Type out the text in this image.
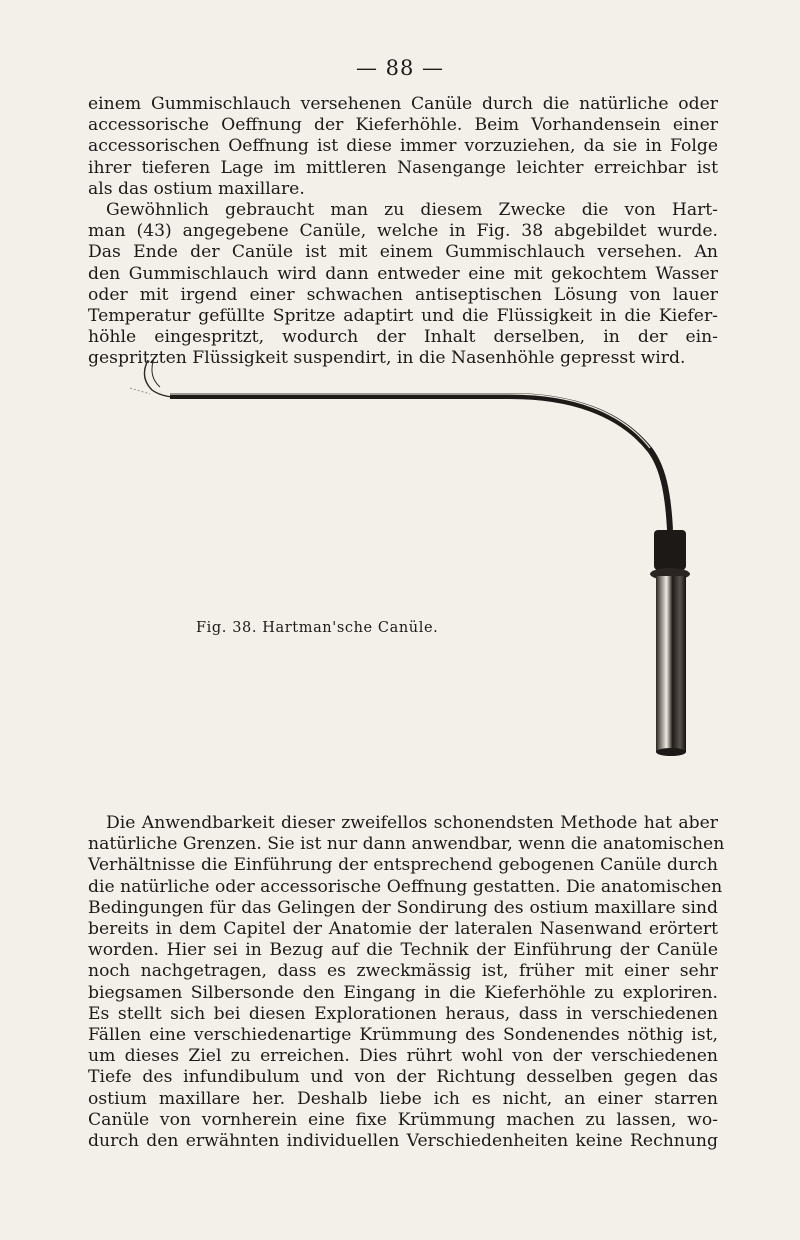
— 88 —

einem Gummischlauch versehenen Canüle durch die natürliche oder
accessorische Oeffnung der Kieferhöhle. Beim Vorhandensein einer
accessorischen Oeffnung ist diese immer vorzuziehen, da sie in Folge
ihrer tieferen Lage im mittleren Nasengange leichter erreichbar ist
als das ostium maxillare.

Gewöhnlich gebraucht man zu diesem Zwecke die von Hart-
man (43) angegebene Canüle, welche in Fig. 38 abgebildet wurde.
Das Ende der Canüle ist mit einem Gummischlauch versehen. An
den Gummischlauch wird dann entweder eine mit gekochtem Wasser
oder mit irgend einer schwachen antiseptischen Lösung von lauer
Temperatur gefüllte Spritze adaptirt und die Flüssigkeit in die Kiefer-
höhle eingespritzt, wodurch der Inhalt derselben, in der ein-
gespritzten Flüssigkeit suspendirt, in die Nasenhöhle gepresst wird.

Fig. 38. Hartman'sche Canüle.

Die Anwendbarkeit dieser zweifellos schonendsten Methode hat aber
natürliche Grenzen. Sie ist nur dann anwendbar, wenn die anatomischen
Verhältnisse die Einführung der entsprechend gebogenen Canüle durch
die natürliche oder accessorische Oeffnung gestatten. Die anatomischen
Bedingungen für das Gelingen der Sondirung des ostium maxillare sind
bereits in dem Capitel der Anatomie der lateralen Nasenwand erörtert
worden. Hier sei in Bezug auf die Technik der Einführung der Canüle
noch nachgetragen, dass es zweckmässig ist, früher mit einer sehr
biegsamen Silbersonde den Eingang in die Kieferhöhle zu exploriren.
Es stellt sich bei diesen Explorationen heraus, dass in verschiedenen
Fällen eine verschiedenartige Krümmung des Sondenendes nöthig ist,
um dieses Ziel zu erreichen. Dies rührt wohl von der verschiedenen
Tiefe des infundibulum und von der Richtung desselben gegen das
ostium maxillare her. Deshalb liebe ich es nicht, an einer starren
Canüle von vornherein eine fixe Krümmung machen zu lassen, wo-
durch den erwähnten individuellen Verschiedenheiten keine Rechnung
